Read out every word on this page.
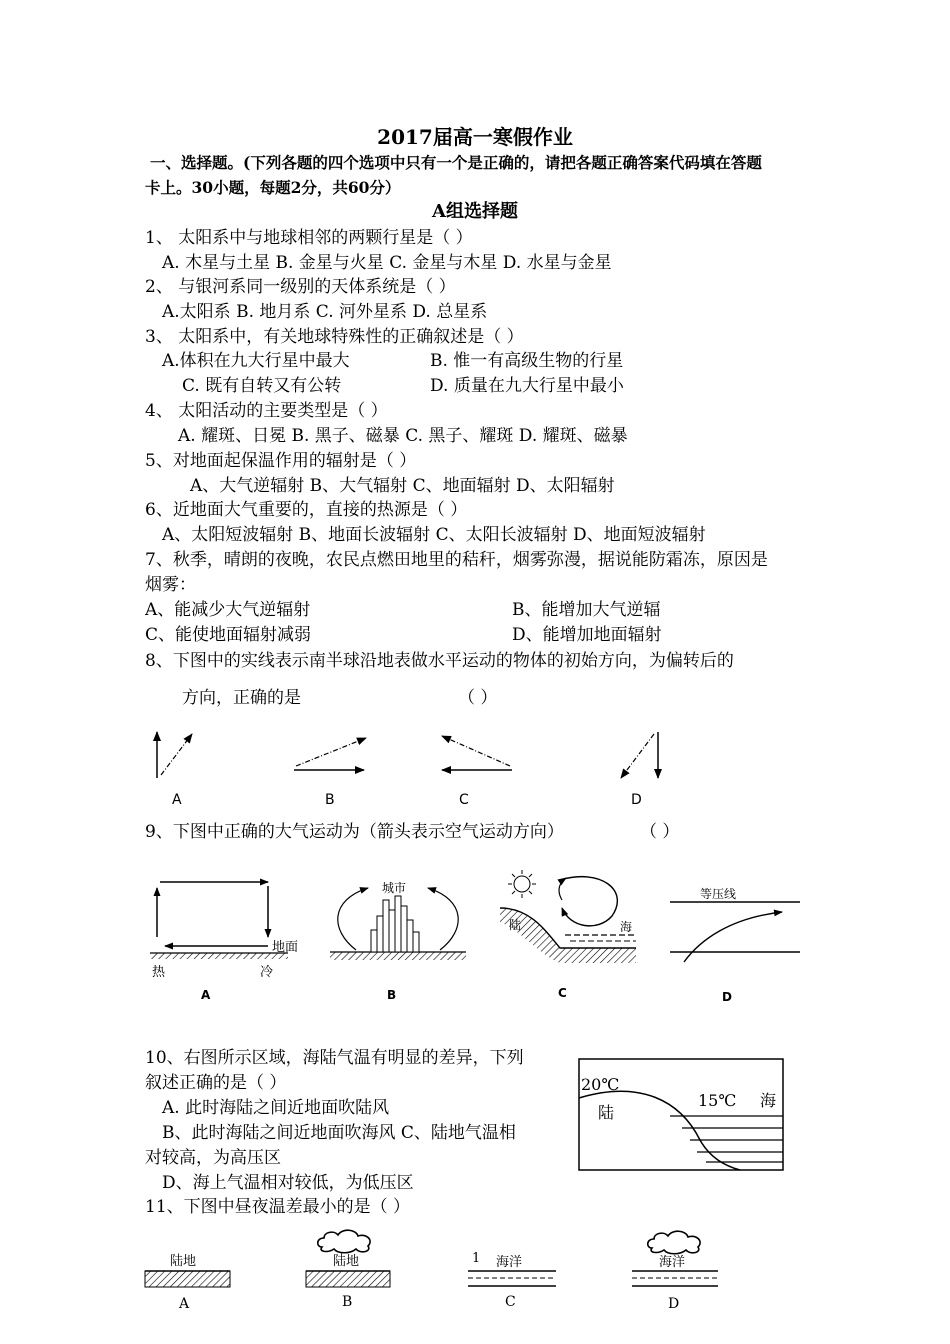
2017届高一寒假作业
一、选择题。(下列各题的四个选项中只有一个是正确的，请把各题正确答案代码填在答题
卡上。30小题，每题2分，共60分）
A组选择题
1、 太阳系中与地球相邻的两颗行星是（ ）
A. 木星与土星 B. 金星与火星 C. 金星与木星 D. 水星与金星
2、 与银河系同一级别的天体系统是（ ）
A.太阳系 B. 地月系 C. 河外星系 D. 总星系
3、 太阳系中，有关地球特殊性的正确叙述是（ ）
A.体积在九大行星中最大	B. 惟一有高级生物的行星
C. 既有自转又有公转	D. 质量在九大行星中最小
4、 太阳活动的主要类型是（ ）
A. 耀斑、日冕 B. 黑子、磁暴 C. 黑子、耀斑 D. 耀斑、磁暴
5、对地面起保温作用的辐射是（ ）
A、大气逆辐射 B、大气辐射 C、地面辐射 D、太阳辐射
6、近地面大气重要的，直接的热源是（ ）
A、太阳短波辐射 B、地面长波辐射 C、太阳长波辐射 D、地面短波辐射
7、秋季，晴朗的夜晚，农民点燃田地里的秸秆，烟雾弥漫，据说能防霜冻，原因是
烟雾：
A、能减少大气逆辐射	B、能增加大气逆辐
C、能使地面辐射减弱	D、能增加地面辐射
8、下图中的实线表示南半球沿地表做水平运动的物体的初始方向，为偏转后的
方向，正确的是	（ ）
A	B	C	D
9、下图中正确的大气运动为（箭头表示空气运动方向）	（ ）
地面
热	冷
A
城市
B
陆	海
C
等压线
D
10、右图所示区域，海陆气温有明显的差异，下列
叙述正确的是（ ）
A. 此时海陆之间近地面吹陆风
B、此时海陆之间近地面吹海风 C、陆地气温相
对较高，为高压区
D、海上气温相对较低，为低压区
20℃
陆
15℃ 海
11、下图中昼夜温差最小的是（ ）
陆地
A
陆地
B
1 海洋
C
海洋
D
